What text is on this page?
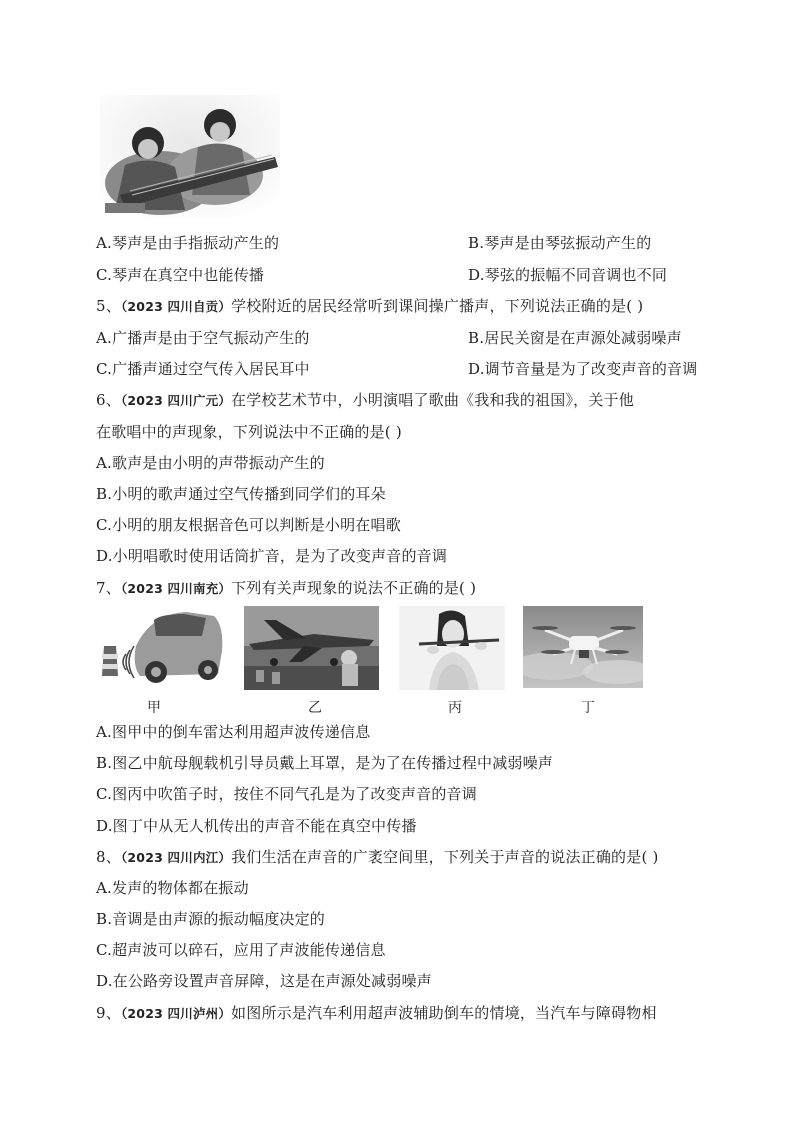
A.琴声是由手指振动产生的	B.琴声是由琴弦振动产生的
C.琴声在真空中也能传播	D.琴弦的振幅不同音调也不同
5、（2023 四川自贡）学校附近的居民经常听到课间操广播声，下列说法正确的是( )
A.广播声是由于空气振动产生的	B.居民关窗是在声源处减弱噪声
C.广播声通过空气传入居民耳中	D.调节音量是为了改变声音的音调
6、（2023 四川广元）在学校艺术节中，小明演唱了歌曲《我和我的祖国》，关于他
在歌唱中的声现象，下列说法中不正确的是( )
A.歌声是由小明的声带振动产生的
B.小明的歌声通过空气传播到同学们的耳朵
C.小明的朋友根据音色可以判断是小明在唱歌
D.小明唱歌时使用话筒扩音，是为了改变声音的音调
7、（2023 四川南充）下列有关声现象的说法不正确的是( )
甲	乙	丙	丁
A.图甲中的倒车雷达利用超声波传递信息
B.图乙中航母舰载机引导员戴上耳罩，是为了在传播过程中减弱噪声
C.图丙中吹笛子时，按住不同气孔是为了改变声音的音调
D.图丁中从无人机传出的声音不能在真空中传播
8、（2023 四川内江）我们生活在声音的广袤空间里，下列关于声音的说法正确的是( )
A.发声的物体都在振动
B.音调是由声源的振动幅度决定的
C.超声波可以碎石，应用了声波能传递信息
D.在公路旁设置声音屏障，这是在声源处减弱噪声
9、（2023 四川泸州）如图所示是汽车利用超声波辅助倒车的情境，当汽车与障碍物相
